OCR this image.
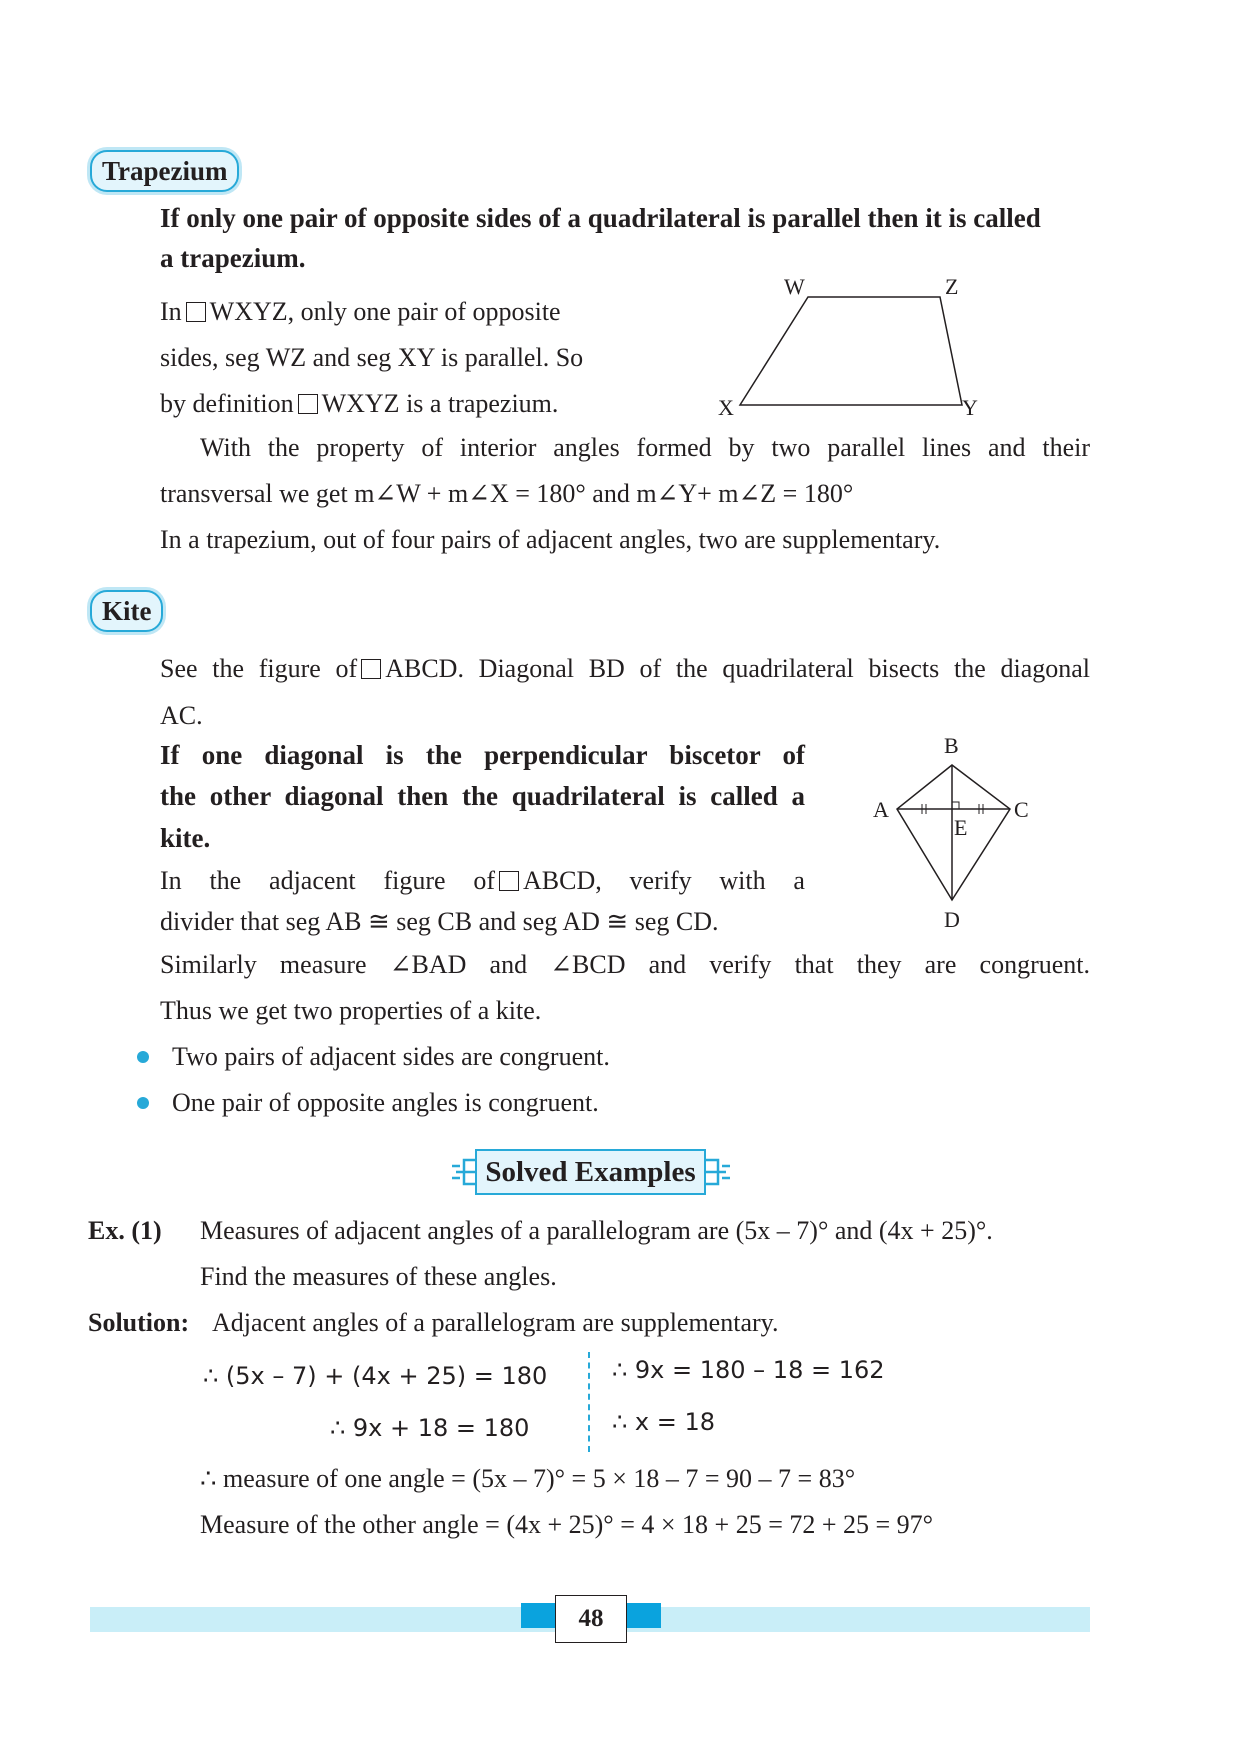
Trapezium
If only one pair of opposite sides of a quadrilateral is parallel then it is called
a trapezium.
In WXYZ, only one pair of opposite
sides, seg WZ and seg XY is parallel. So
by definition WXYZ is a trapezium.
W	Z
X	Y
With the property of interior angles formed by two parallel lines and their
transversal we get m∠W + m∠X = 180° and m∠Y+ m∠Z = 180°
In a trapezium, out of four pairs of adjacent angles, two are supplementary.
Kite
See the figure of ABCD. Diagonal BD of the quadrilateral bisects the diagonal
AC.
If one diagonal is the perpendicular biscetor of
the other diagonal then the quadrilateral is called a
kite.
In the adjacent figure of ABCD, verify with a
divider that seg AB ≅ seg CB and seg AD ≅ seg CD.
B
A	C
E
D
Similarly measure ∠BAD and ∠BCD and verify that they are congruent.
Thus we get two properties of a kite.
Two pairs of adjacent sides are congruent.
One pair of opposite angles is congruent.
Solved Examples
Ex. (1) Measures of adjacent angles of a parallelogram are (5x – 7)° and (4x + 25)°.
Find the measures of these angles.
Solution: Adjacent angles of a parallelogram are supplementary.
∴ (5x – 7) + (4x + 25) = 180
∴ 9x + 18 = 180
∴ 9x = 180 – 18 = 162
∴ x = 18
∴ measure of one angle = (5x – 7)° = 5 × 18 – 7 = 90 – 7 = 83°
Measure of the other angle = (4x + 25)° = 4 × 18 + 25 = 72 + 25 = 97°
48
